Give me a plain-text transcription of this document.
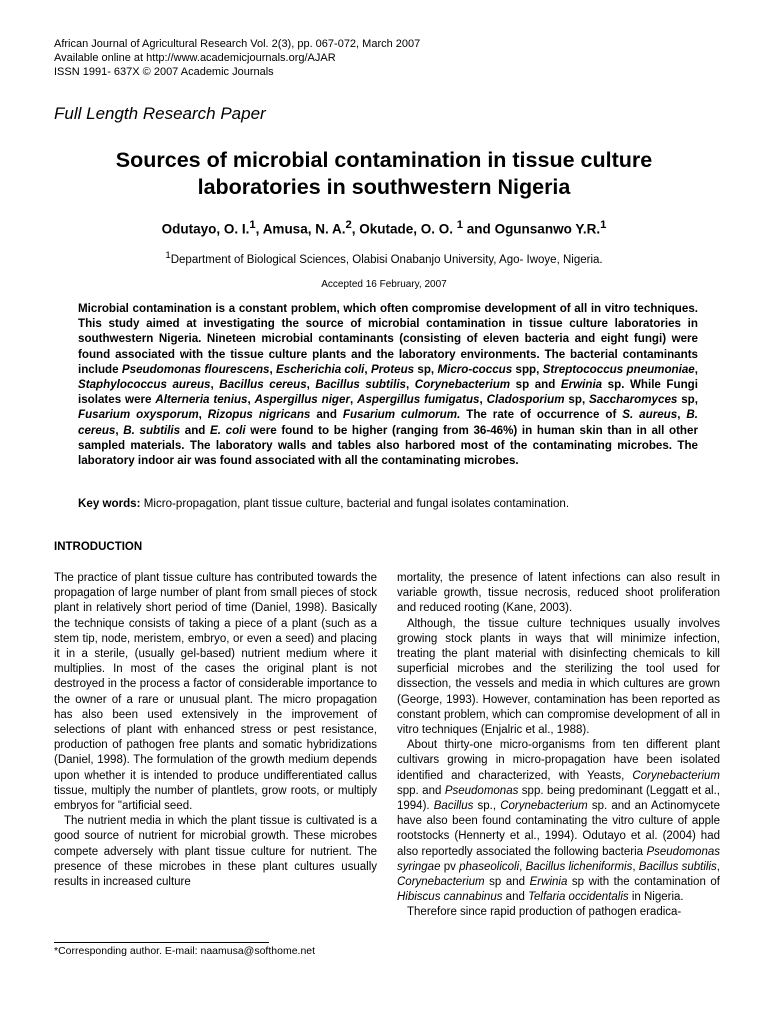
African Journal of Agricultural Research Vol. 2(3), pp. 067-072, March 2007
Available online at http://www.academicjournals.org/AJAR
ISSN 1991- 637X © 2007 Academic Journals
Full Length Research Paper
Sources of microbial contamination in tissue culture laboratories in southwestern Nigeria
Odutayo, O. I.$^1$, Amusa, N. A.$^2$, Okutade, O. O. $^1$ and Ogunsanwo Y.R.$^1$
$^1$Department of Biological Sciences, Olabisi Onabanjo University, Ago- Iwoye, Nigeria.
Accepted 16 February, 2007
Microbial contamination is a constant problem, which often compromise development of all in vitro techniques. This study aimed at investigating the source of microbial contamination in tissue culture laboratories in southwestern Nigeria. Nineteen microbial contaminants (consisting of eleven bacteria and eight fungi) were found associated with the tissue culture plants and the laboratory environments. The bacterial contaminants include Pseudomonas flourescens, Escherichia coli, Proteus sp, Micro-coccus spp, Streptococcus pneumoniae, Staphylococcus aureus, Bacillus cereus, Bacillus subtilis, Corynebacterium sp and Erwinia sp. While Fungi isolates were Alterneria tenius, Aspergillus niger, Aspergillus fumigatus, Cladosporium sp, Saccharomyces sp, Fusarium oxysporum, Rizopus nigricans and Fusarium culmorum. The rate of occurrence of S. aureus, B. cereus, B. subtilis and E. coli were found to be higher (ranging from 36-46%) in human skin than in all other sampled materials. The laboratory walls and tables also harbored most of the contaminating microbes. The laboratory indoor air was found associated with all the contaminating microbes.
Key words: Micro-propagation, plant tissue culture, bacterial and fungal isolates contamination.
INTRODUCTION

The practice of plant tissue culture has contributed towards the propagation of large number of plant from small pieces of stock plant in relatively short period of time (Daniel, 1998). Basically the technique consists of taking a piece of a plant (such as a stem tip, node, meristem, embryo, or even a seed) and placing it in a sterile, (usually gel-based) nutrient medium where it multiplies. In most of the cases the original plant is not destroyed in the process a factor of considerable importance to the owner of a rare or unusual plant. The micro propagation has also been used extensively in the improvement of selections of plant with enhanced stress or pest resistance, production of pathogen free plants and somatic hybridizations (Daniel, 1998). The formulation of the growth medium depends upon whether it is intended to produce undifferentiated callus tissue, multiply the number of plantlets, grow roots, or multiply embryos for "artificial seed.

The nutrient media in which the plant tissue is cultivated is a good source of nutrient for microbial growth. These microbes compete adversely with plant tissue culture for nutrient. The presence of these microbes in these plant cultures usually results in increased culture

mortality, the presence of latent infections can also result in variable growth, tissue necrosis, reduced shoot proliferation and reduced rooting (Kane, 2003).

Although, the tissue culture techniques usually involves growing stock plants in ways that will minimize infection, treating the plant material with disinfecting chemicals to kill superficial microbes and the sterilizing the tool used for dissection, the vessels and media in which cultures are grown (George, 1993). However, contamination has been reported as constant problem, which can compromise development of all in vitro techniques (Enjalric et al., 1988).

About thirty-one micro-organisms from ten different plant cultivars growing in micro-propagation have been isolated identified and characterized, with Yeasts, Corynebacterium spp. and Pseudomonas spp. being predominant (Leggatt et al., 1994). Bacillus sp., Corynebacterium sp. and an Actinomycete have also been found contaminating the vitro culture of apple rootstocks (Hennerty et al., 1994). Odutayo et al. (2004) had also reportedly associated the following bacteria Pseudomonas syringae pv phaseolicoli, Bacillus licheniformis, Bacillus subtilis, Corynebacterium sp and Erwinia sp with the contamination of Hibiscus cannabinus and Telfaria occidentalis in Nigeria.

Therefore since rapid production of pathogen eradica-

*Corresponding author. E-mail: naamusa@softhome.net
